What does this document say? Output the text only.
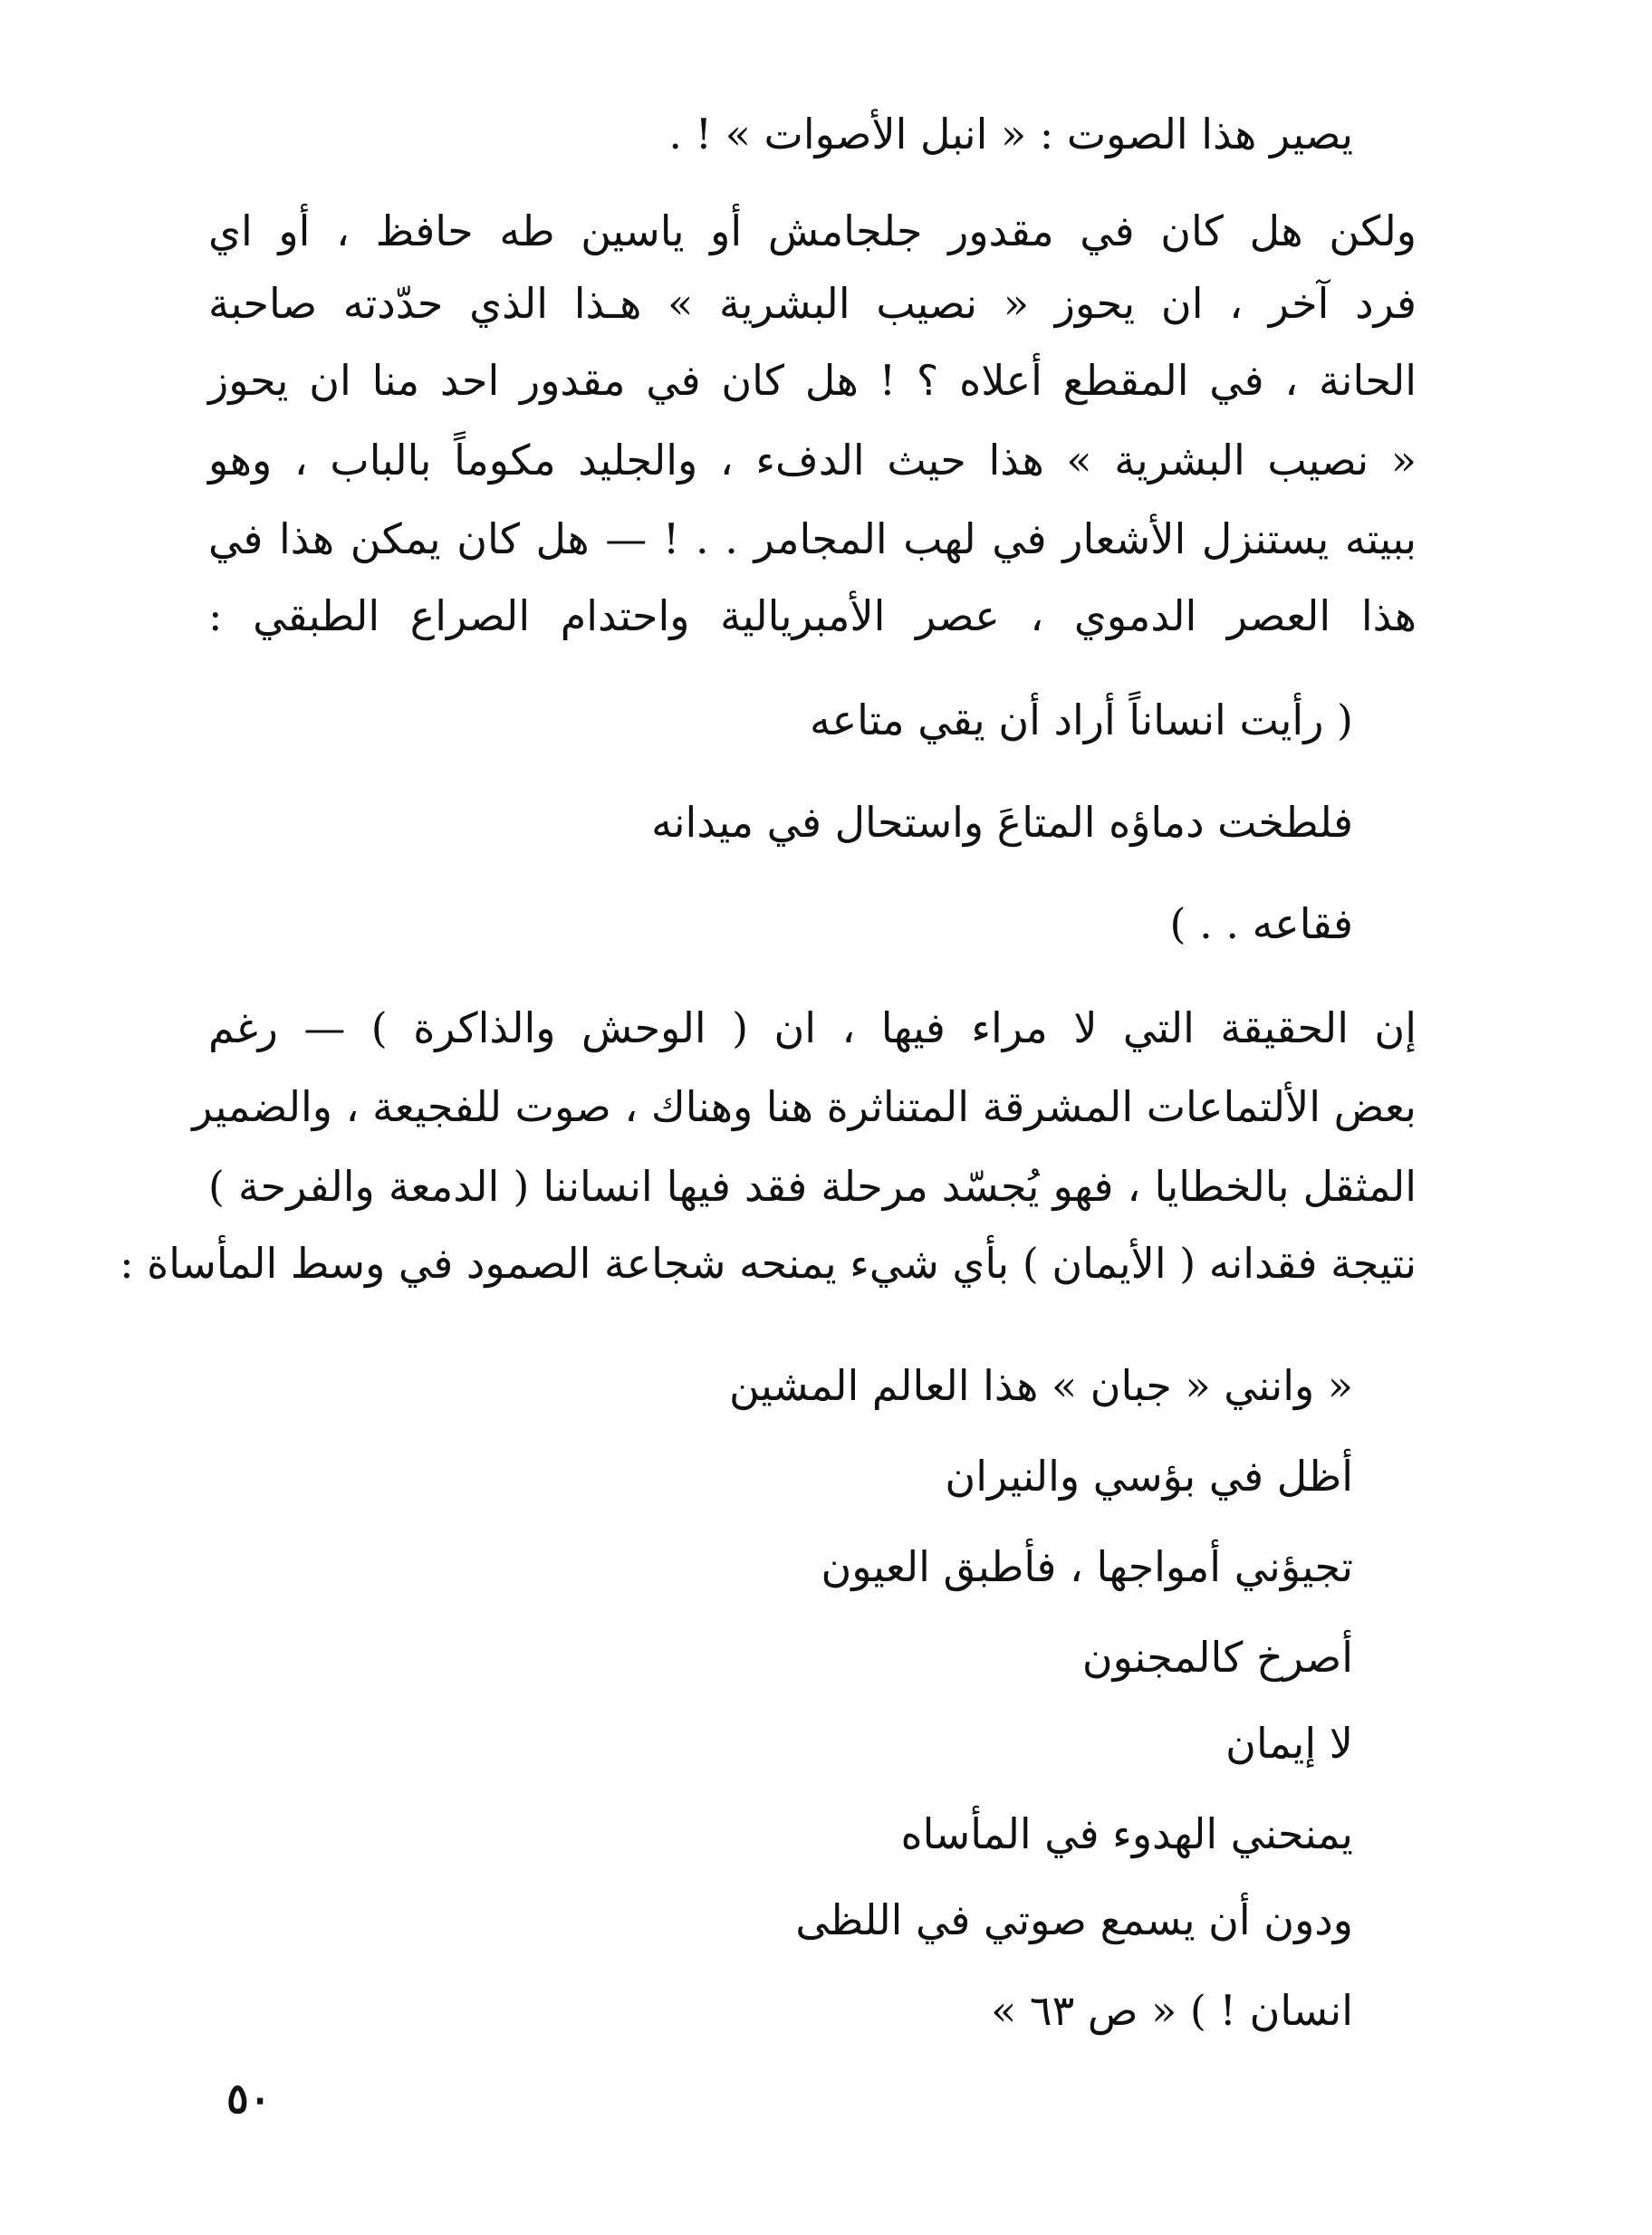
يصير هذا الصوت : « انبل الأصوات » ! .
ولكن هل كان في مقدور جلجامش أو ياسين طه حافظ ، أو اي
فرد آخر ، ان يحوز « نصيب البشرية » هـذا الذي حدّدته صاحبة
الحانة ، في المقطع أعلاه ؟ ! هل كان في مقدور احد منا ان يحوز
« نصيب البشرية » هذا حيث الدفء ، والجليد مكوماً بالباب ، وهو
ببيته يستنزل الأشعار في لهب المجامر . . ! — هل كان يمكن هذا في
هذا العصر الدموي ، عصر الأمبريالية واحتدام الصراع الطبقي :
( رأيت انساناً أراد أن يقي متاعه
فلطخت دماؤه المتاعَ واستحال في ميدانه
فقاعه . . )
إن الحقيقة التي لا مراء فيها ، ان ( الوحش والذاكرة ) — رغم
بعض الألتماعات المشرقة المتناثرة هنا وهناك ، صوت للفجيعة ، والضمير
المثقل بالخطايا ، فهو يُجسّد مرحلة فقد فيها انساننا ( الدمعة والفرحة )
نتيجة فقدانه ( الأيمان ) بأي شيء يمنحه شجاعة الصمود في وسط المأساة :
« وانني « جبان » هذا العالم المشين
أظل في بؤسي والنيران
تجيؤني أمواجها ، فأطبق العيون
أصرخ كالمجنون
لا إيمان
يمنحني الهدوء في المأساه
ودون أن يسمع صوتي في اللظى
انسان ! ) « ص ٦٣ »
٥٠
